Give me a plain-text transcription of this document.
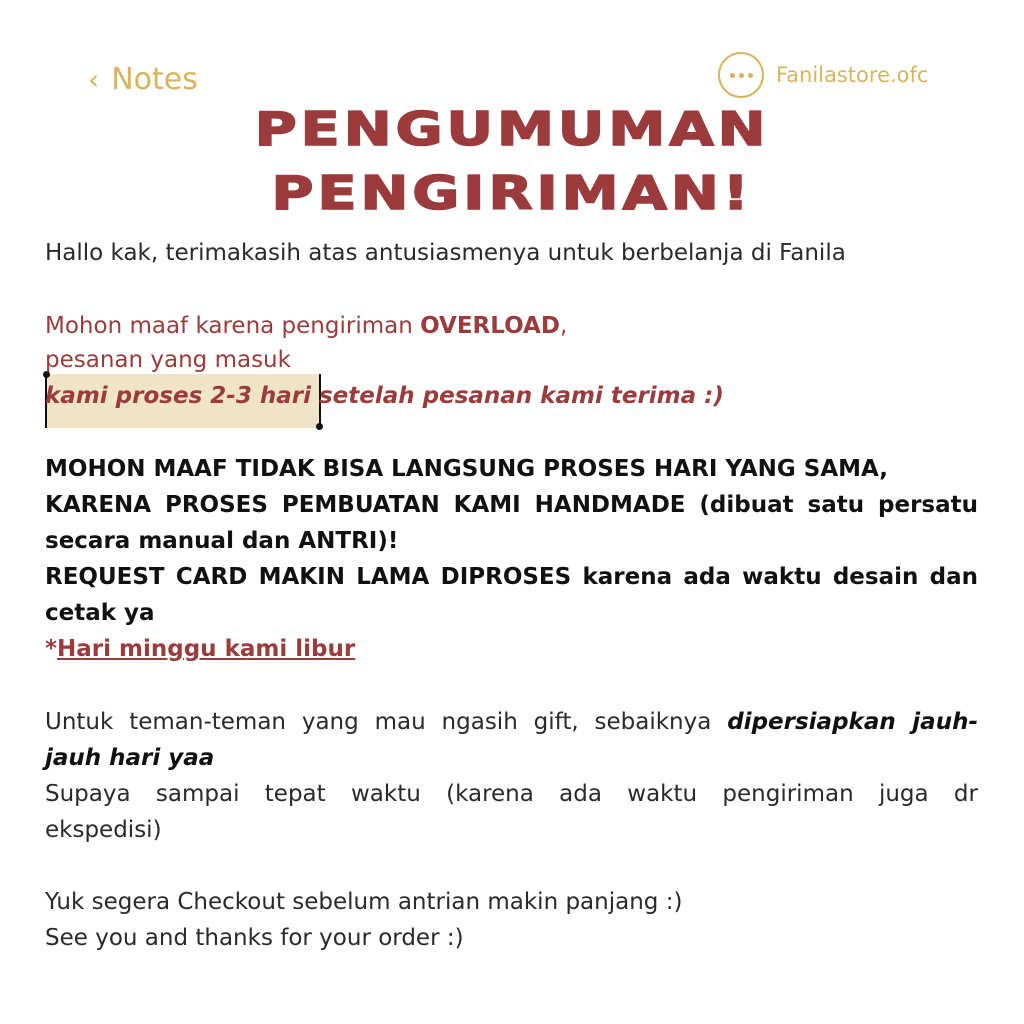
‹ Notes	Fanilastore.ofc
PENGUMUMAN
PENGIRIMAN!
Hallo kak, terimakasih atas antusiasmenya untuk berbelanja di Fanila
Mohon maaf karena pengiriman OVERLOAD,
pesanan yang masuk
kami proses 2-3 hari setelah pesanan kami terima :)
MOHON MAAF TIDAK BISA LANGSUNG PROSES HARI YANG SAMA,
KARENA PROSES PEMBUATAN KAMI HANDMADE (dibuat satu persatu
secara manual dan ANTRI)!
REQUEST CARD MAKIN LAMA DIPROSES karena ada waktu desain dan
cetak ya
*Hari minggu kami libur
Untuk teman-teman yang mau ngasih gift, sebaiknya dipersiapkan jauh-
jauh hari yaa
Supaya sampai tepat waktu (karena ada waktu pengiriman juga dr
ekspedisi)
Yuk segera Checkout sebelum antrian makin panjang :)
See you and thanks for your order :)
